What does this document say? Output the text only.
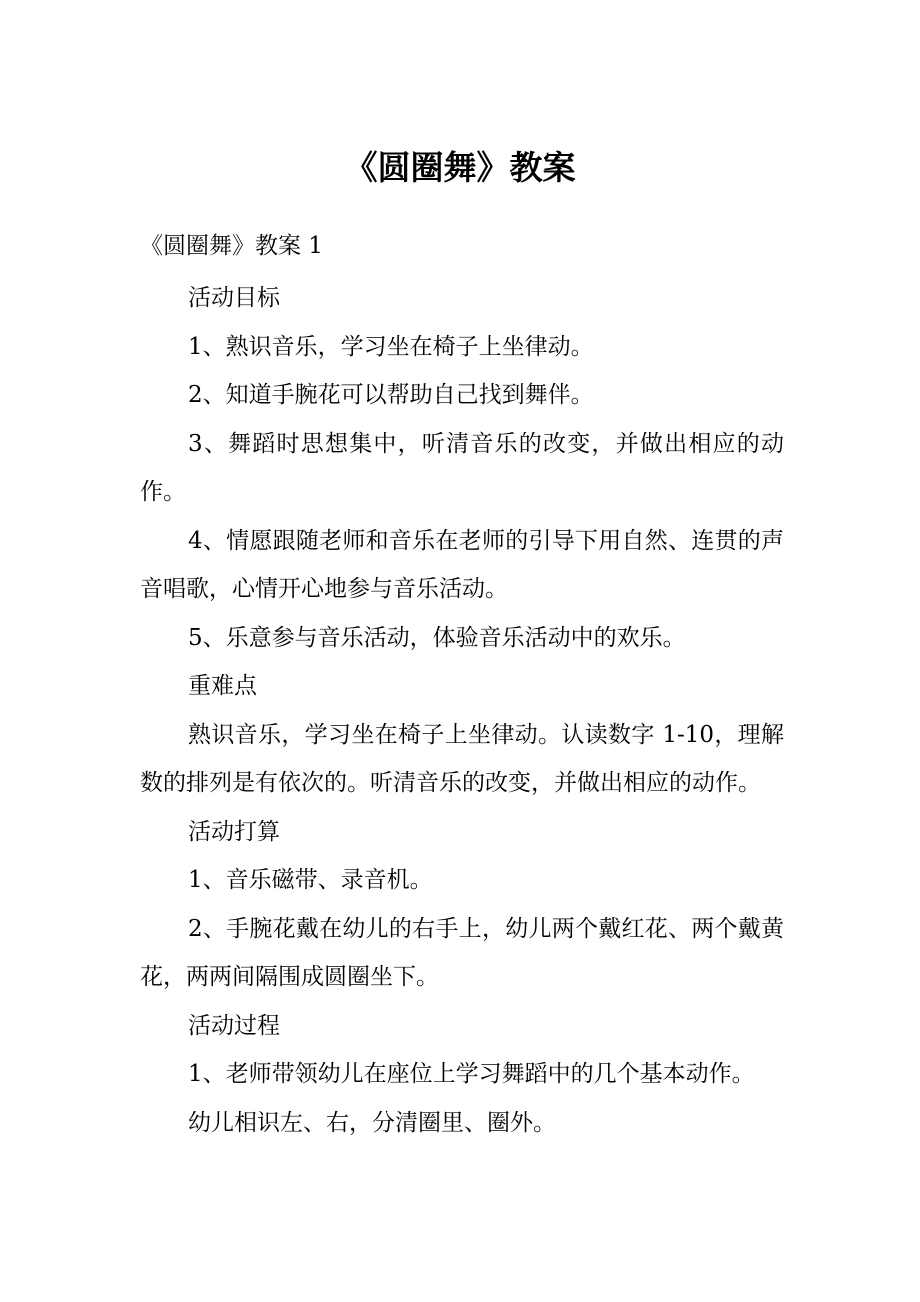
《圆圈舞》教案

《圆圈舞》教案 1

活动目标

1、熟识音乐，学习坐在椅子上坐律动。

2、知道手腕花可以帮助自己找到舞伴。

3、舞蹈时思想集中，听清音乐的改变，并做出相应的动作。

4、情愿跟随老师和音乐在老师的引导下用自然、连贯的声音唱歌，心情开心地参与音乐活动。

5、乐意参与音乐活动，体验音乐活动中的欢乐。

重难点

熟识音乐，学习坐在椅子上坐律动。认读数字 1-10，理解数的排列是有依次的。听清音乐的改变，并做出相应的动作。

活动打算

1、音乐磁带、录音机。

2、手腕花戴在幼儿的右手上，幼儿两个戴红花、两个戴黄花，两两间隔围成圆圈坐下。

活动过程

1、老师带领幼儿在座位上学习舞蹈中的几个基本动作。

幼儿相识左、右，分清圈里、圈外。
